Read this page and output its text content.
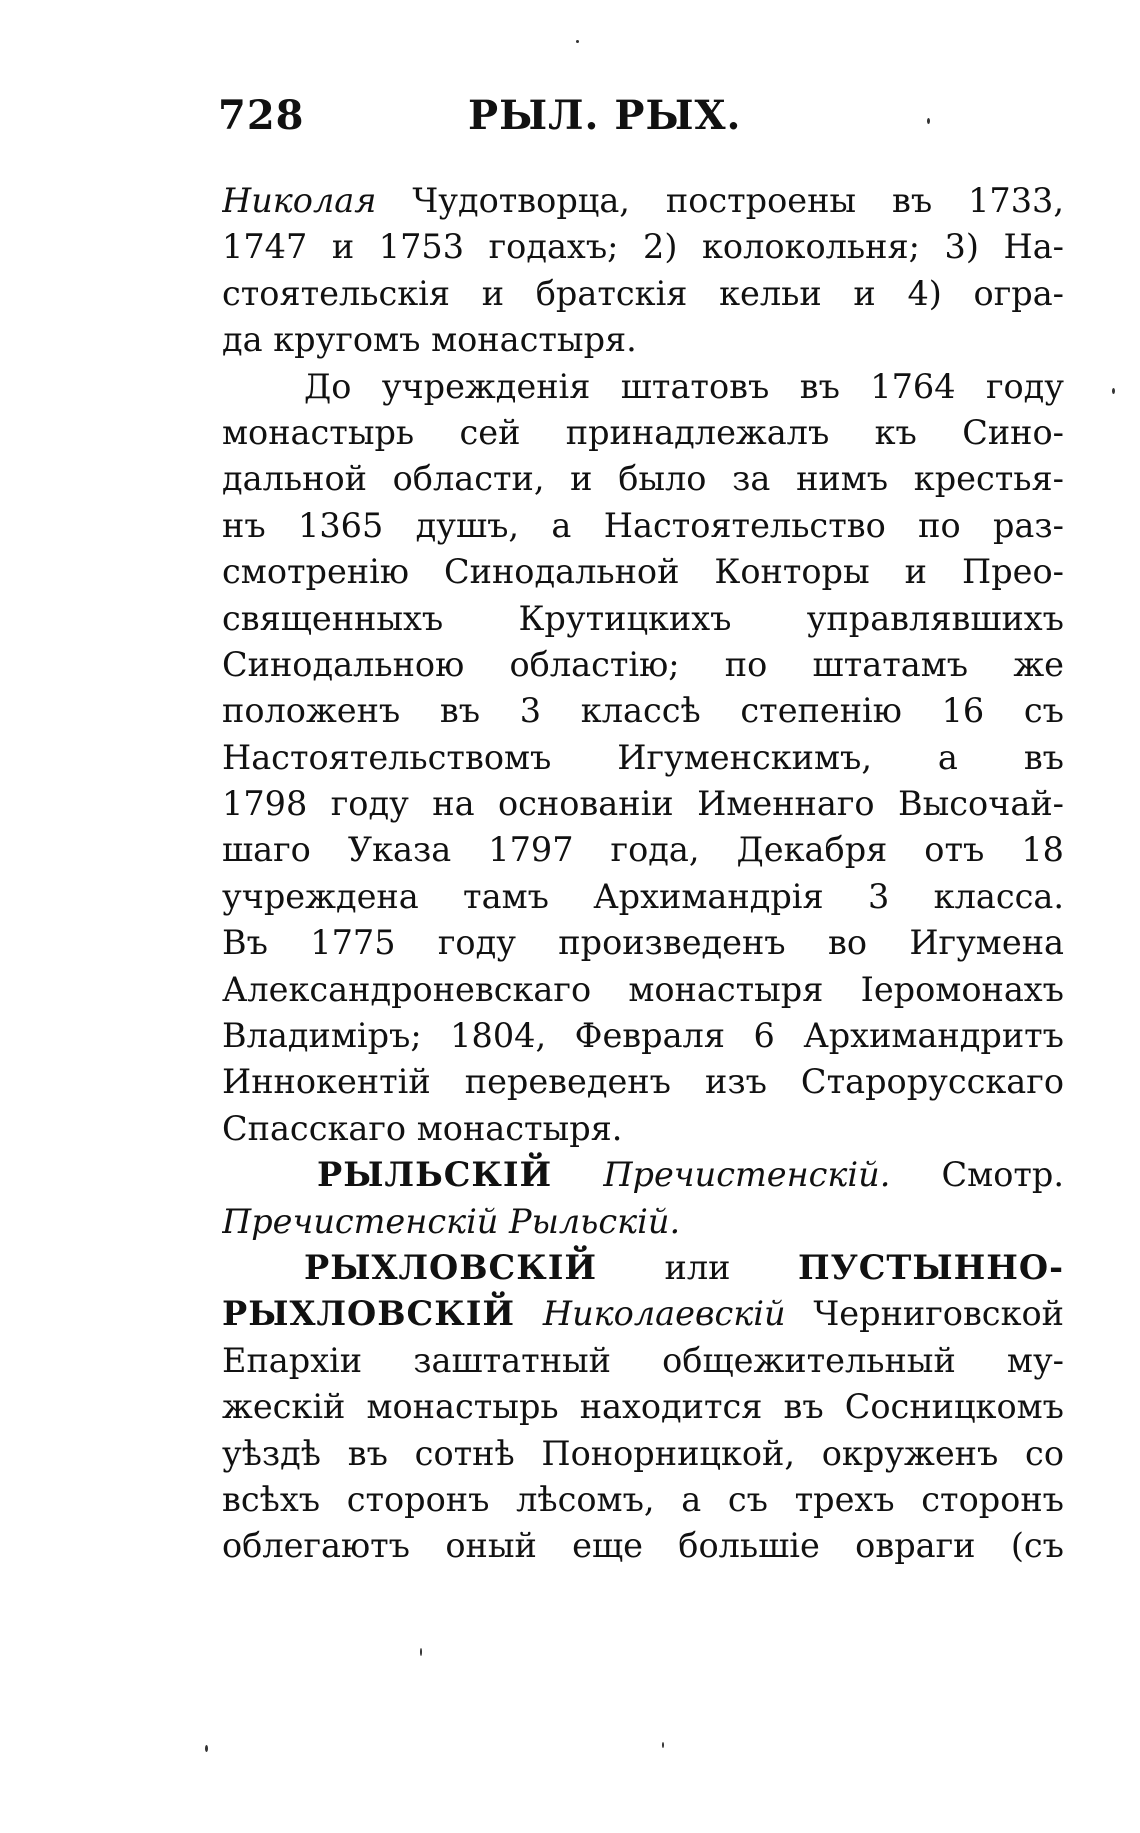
728	РЫЛ. РЫХ.
Николая Чудотворца, построены въ 1733,
1747 и 1753 годахъ; 2) колокольня; 3) На-
стоятельскія и братскія кельи и 4) огра-
да кругомъ монастыря.
До учрежденія штатовъ въ 1764 году
монастырь сей принадлежалъ къ Сино-
дальной области, и было за нимъ крестья-
нъ 1365 душъ, а Настоятельство по раз-
смотренію Синодальной Конторы и Прео-
священныхъ Крутицкихъ управлявшихъ
Синодальною областію; по штатамъ же
положенъ въ 3 классѣ степенію 16 съ
Настоятельствомъ Игуменскимъ, а въ
1798 году на основаніи Именнаго Высочай-
шаго Указа 1797 года, Декабря отъ 18
учреждена тамъ Архимандрія 3 класса.
Въ 1775 году произведенъ во Игумена
Александроневскаго монастыря Іеромонахъ
Владиміръ; 1804, Февраля 6 Архимандритъ
Иннокентій переведенъ изъ Старорусскаго
Спасскаго монастыря.
РЫЛЬСКІЙ Пречистенскій. Смотр.
Пречистенскій Рыльскій.
РЫХЛОВСКІЙ или ПУСТЫННО-
РЫХЛОВСКІЙ Николаевскій Черниговской
Епархіи заштатный общежительный му-
жескій монастырь находится въ Сосницкомъ
уѣздѣ въ сотнѣ Понорницкой, окруженъ со
всѣхъ сторонъ лѣсомъ, а съ трехъ сторонъ
облегаютъ оный еще большіе овраги (съ
